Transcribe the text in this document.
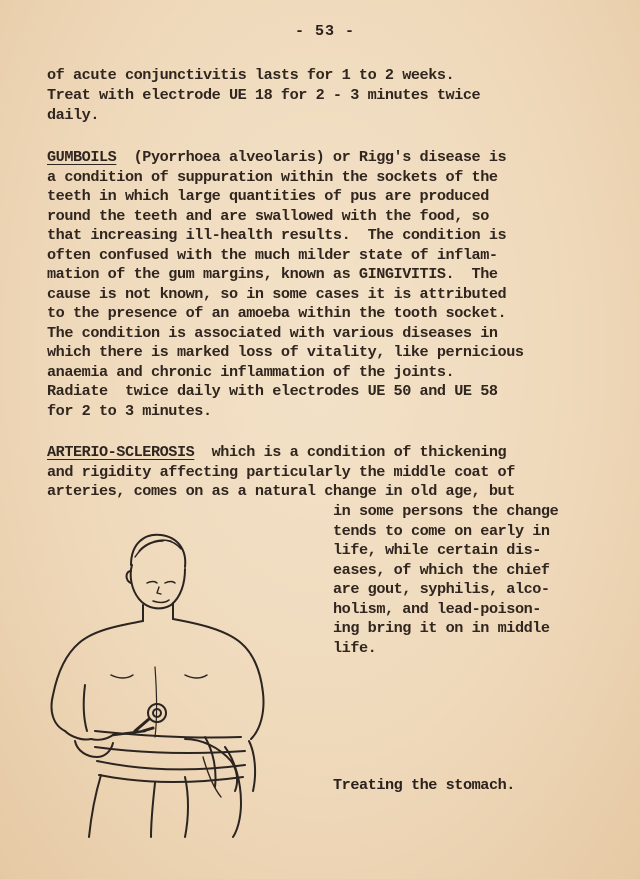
- 53 -

of acute conjunctivitis lasts for 1 to 2 weeks.

Treat with electrode UE 18 for 2 - 3 minutes twice

daily.

GUMBOILS  (Pyorrhoea alveolaris) or Rigg's disease is

a condition of suppuration within the sockets of the

teeth in which large quantities of pus are produced

round the teeth and are swallowed with the food, so

that increasing ill-health results.  The condition is

often confused with the much milder state of inflam-

mation of the gum margins, known as GINGIVITIS.  The

cause is not known, so in some cases it is attributed

to the presence of an amoeba within the tooth socket.

The condition is associated with various diseases in

which there is marked loss of vitality, like pernicious

anaemia and chronic inflammation of the joints.

Radiate  twice daily with electrodes UE 50 and UE 58

for 2 to 3 minutes.

ARTERIO-SCLEROSIS  which is a condition of thickening

and rigidity affecting particularly the middle coat of

arteries, comes on as a natural change in old age, but

in some persons the change

tends to come on early in

life, while certain dis-

eases, of which the chief

are gout, syphilis, alco-

holism, and lead-poison-

ing bring it on in middle

life.

Treating the stomach.
